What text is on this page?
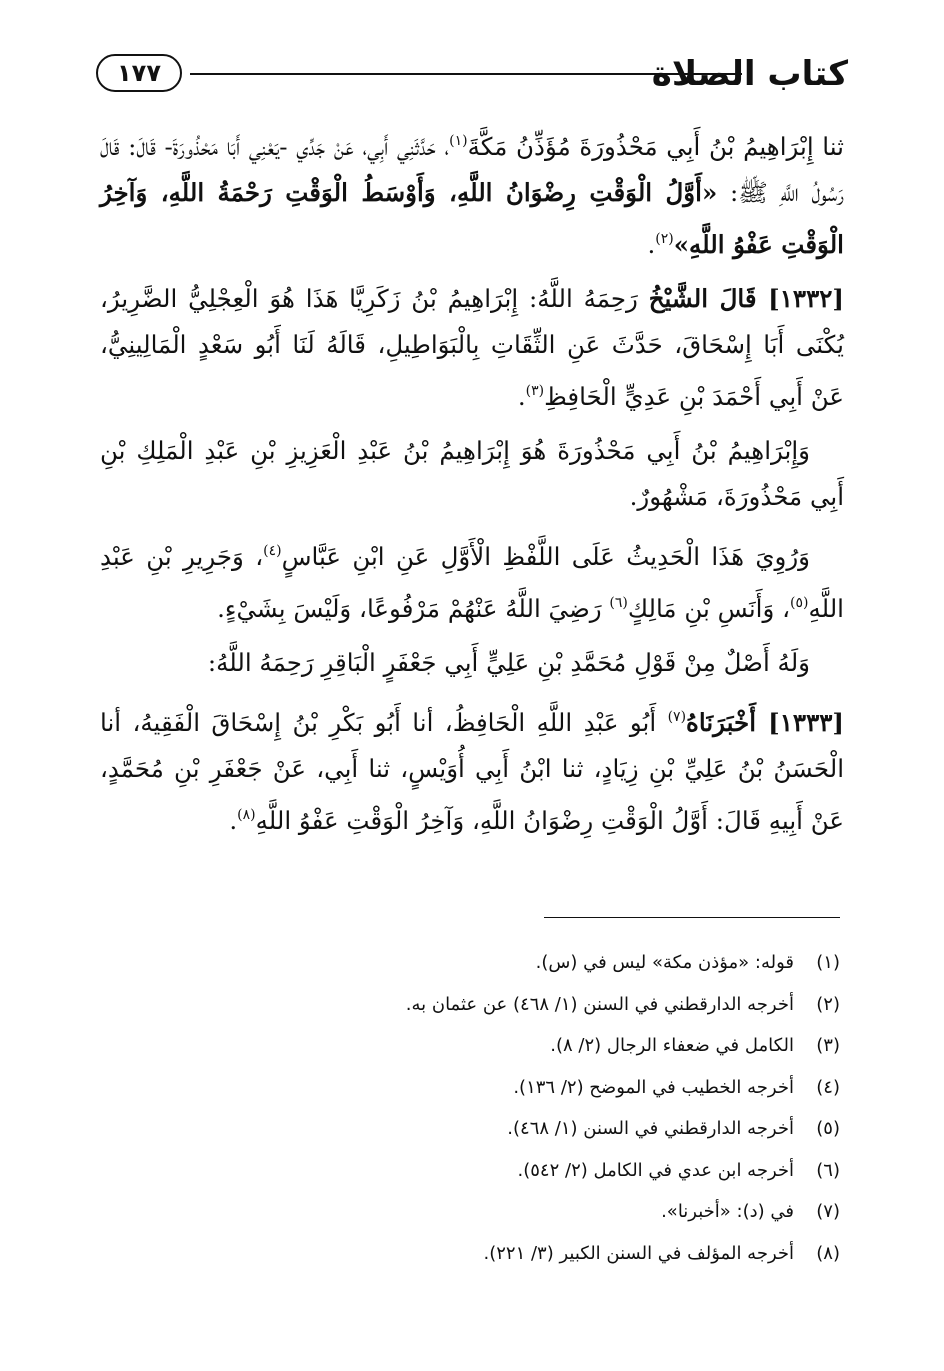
كتاب الصلاة
١٧٧

ثنا إِبْرَاهِيمُ بْنُ أَبِي مَحْذُورَةَ مُؤَذِّنُ مَكَّةَ$^{(١)}$، حَدَّثَنِي أَبِي، عَنْ جَدِّي -يَعْنِي أَبَا مَحْذُورَةَ- قَالَ: قَالَ رَسُولُ اللَّهِ ﷺ: «أَوَّلُ الْوَقْتِ رِضْوَانُ اللَّهِ، وَأَوْسَطُ الْوَقْتِ رَحْمَةُ اللَّهِ، وَآخِرُ الْوَقْتِ عَفْوُ اللَّهِ»$^{(٢)}$.

[١٣٣٢] قَالَ الشَّيْخُ رَحِمَهُ اللَّهُ: إِبْرَاهِيمُ بْنُ زَكَرِيَّا هَذَا هُوَ الْعِجْلِيُّ الضَّرِيرُ، يُكْنَى أَبَا إِسْحَاقَ، حَدَّثَ عَنِ الثِّقَاتِ بِالْبَوَاطِيلِ، قَالَهُ لَنَا أَبُو سَعْدٍ الْمَالِينِيُّ، عَنْ أَبِي أَحْمَدَ بْنِ عَدِيٍّ الْحَافِظِ$^{(٣)}$.

وَإِبْرَاهِيمُ بْنُ أَبِي مَحْذُورَةَ هُوَ إِبْرَاهِيمُ بْنُ عَبْدِ الْعَزِيزِ بْنِ عَبْدِ الْمَلِكِ بْنِ أَبِي مَحْذُورَةَ، مَشْهُورٌ.

وَرُوِيَ هَذَا الْحَدِيثُ عَلَى اللَّفْظِ الْأَوَّلِ عَنِ ابْنِ عَبَّاسٍ$^{(٤)}$، وَجَرِيرِ بْنِ عَبْدِ اللَّهِ$^{(٥)}$، وَأَنَسِ بْنِ مَالِكٍ$^{(٦)}$ رَضِيَ اللَّهُ عَنْهُمْ مَرْفُوعًا، وَلَيْسَ بِشَيْءٍ.

وَلَهُ أَصْلٌ مِنْ قَوْلِ مُحَمَّدِ بْنِ عَلِيٍّ أَبِي جَعْفَرٍ الْبَاقِرِ رَحِمَهُ اللَّهُ:

[١٣٣٣] أَخْبَرَنَاهُ$^{(٧)}$ أَبُو عَبْدِ اللَّهِ الْحَافِظُ، أنا أَبُو بَكْرِ بْنُ إِسْحَاقَ الْفَقِيهُ، أنا الْحَسَنُ بْنُ عَلِيِّ بْنِ زِيَادٍ، ثنا ابْنُ أَبِي أُوَيْسٍ، ثنا أَبِي، عَنْ جَعْفَرِ بْنِ مُحَمَّدٍ، عَنْ أَبِيهِ قَالَ: أَوَّلُ الْوَقْتِ رِضْوَانُ اللَّهِ، وَآخِرُ الْوَقْتِ عَفْوُ اللَّهِ$^{(٨)}$.

(١)
قوله: «مؤذن مكة» ليس في (س).
(٢)
أخرجه الدارقطني في السنن (١/ ٤٦٨) عن عثمان به.
(٣)
الكامل في ضعفاء الرجال (٢/ ٨).
(٤)
أخرجه الخطيب في الموضح (٢/ ١٣٦).
(٥)
أخرجه الدارقطني في السنن (١/ ٤٦٨).
(٦)
أخرجه ابن عدي في الكامل (٢/ ٥٤٢).
(٧)
في (د): «أخبرنا».
(٨)
أخرجه المؤلف في السنن الكبير (٣/ ٢٢١).
